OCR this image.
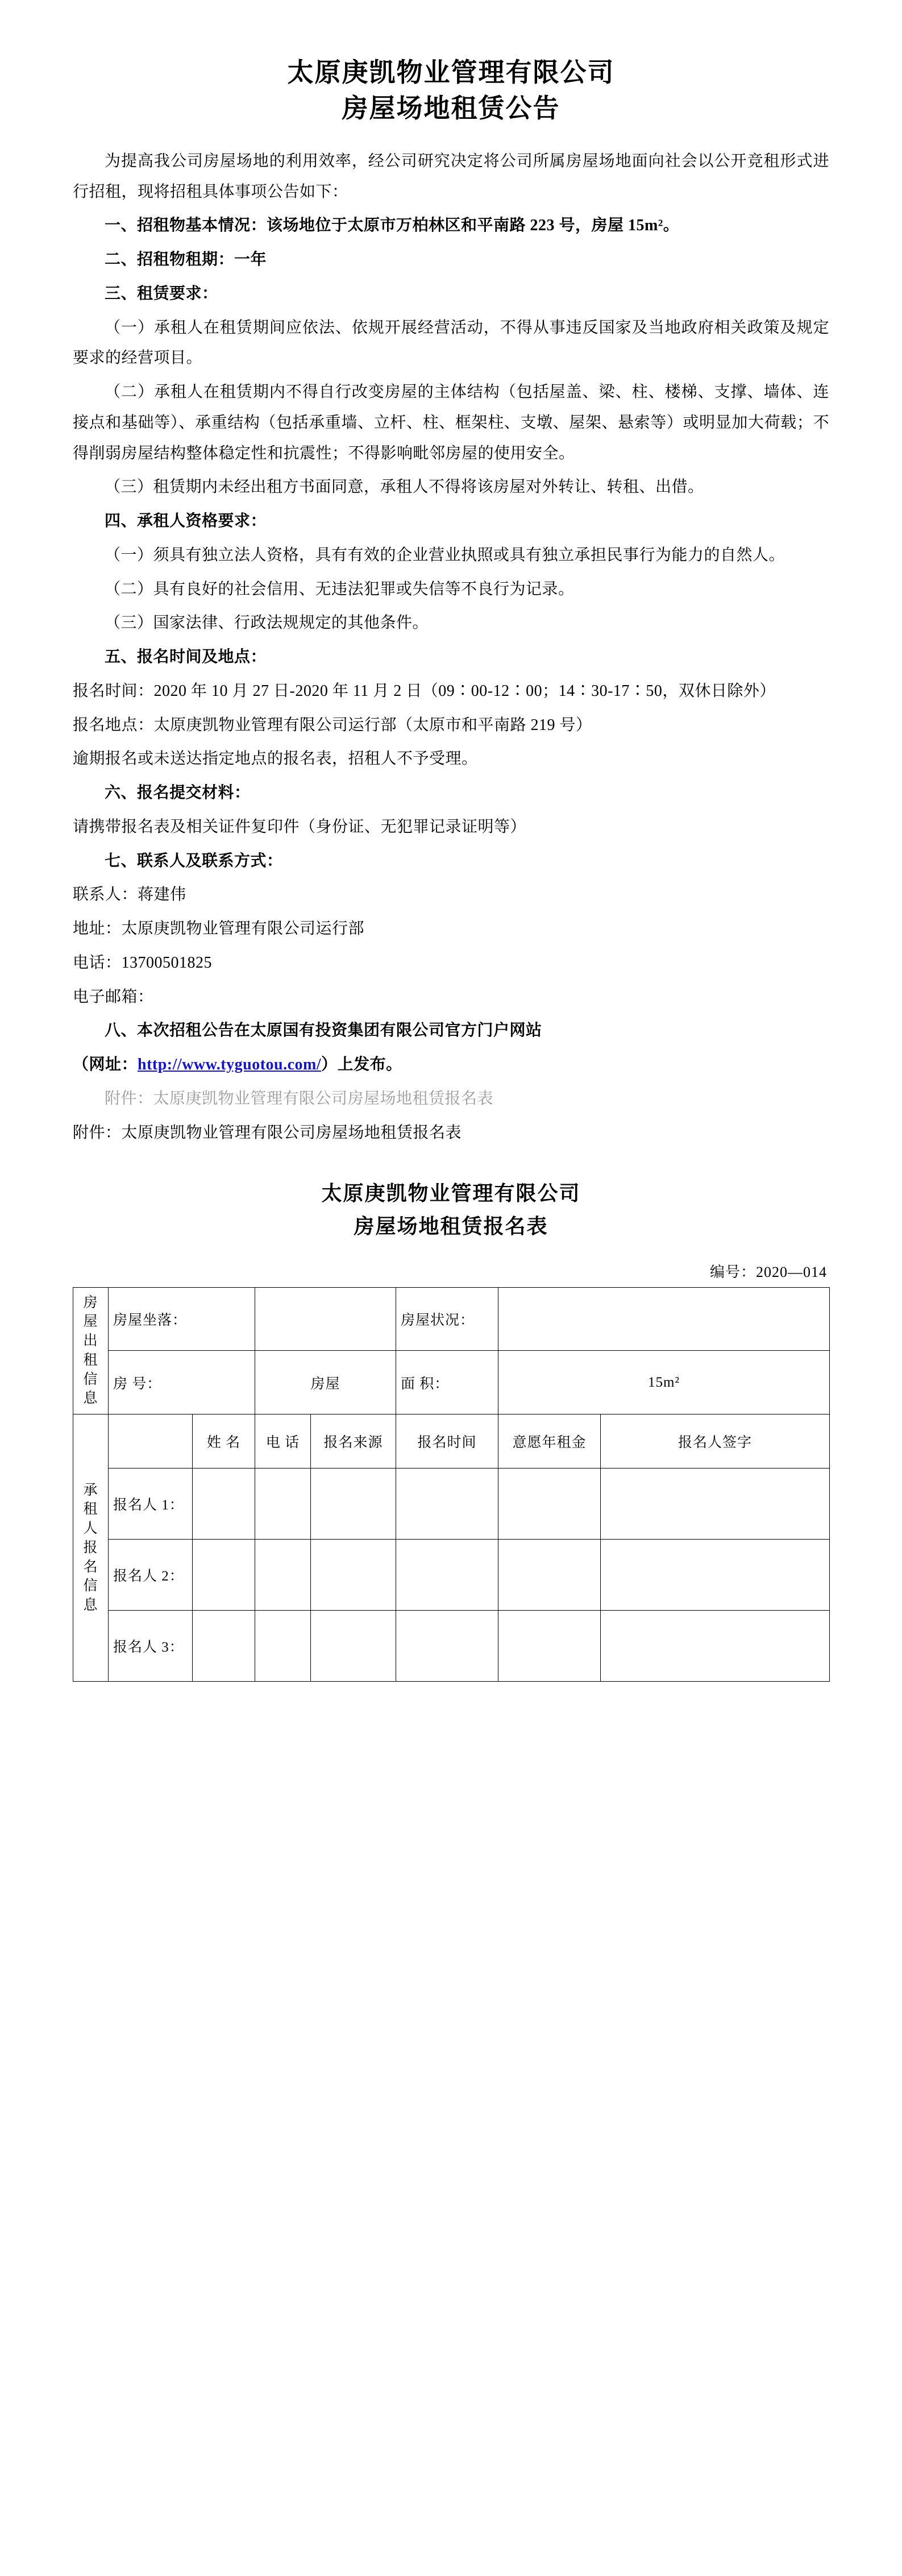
太原庚凯物业管理有限公司
房屋场地租赁公告

为提高我公司房屋场地的利用效率，经公司研究决定将公司所属房屋场地面向社会以公开竞租形式进行招租，现将招租具体事项公告如下：

一、招租物基本情况：该场地位于太原市万柏林区和平南路 223 号，房屋 15m²。

二、招租物租期：一年

三、租赁要求：

（一）承租人在租赁期间应依法、依规开展经营活动，不得从事违反国家及当地政府相关政策及规定要求的经营项目。

（二）承租人在租赁期内不得自行改变房屋的主体结构（包括屋盖、梁、柱、楼梯、支撑、墙体、连接点和基础等）、承重结构（包括承重墙、立杆、柱、框架柱、支墩、屋架、悬索等）或明显加大荷载；不得削弱房屋结构整体稳定性和抗震性；不得影响毗邻房屋的使用安全。

（三）租赁期内未经出租方书面同意，承租人不得将该房屋对外转让、转租、出借。

四、承租人资格要求：

（一）须具有独立法人资格，具有有效的企业营业执照或具有独立承担民事行为能力的自然人。

（二）具有良好的社会信用、无违法犯罪或失信等不良行为记录。

（三）国家法律、行政法规规定的其他条件。

五、报名时间及地点：

报名时间：2020 年 10 月 27 日-2020 年 11 月 2 日（09∶00-12∶00；14∶30-17∶50，双休日除外）

报名地点：太原庚凯物业管理有限公司运行部（太原市和平南路 219 号）

逾期报名或未送达指定地点的报名表，招租人不予受理。

六、报名提交材料：

请携带报名表及相关证件复印件（身份证、无犯罪记录证明等）

七、联系人及联系方式：

联系人：蒋建伟

地址：太原庚凯物业管理有限公司运行部

电话：13700501825

电子邮箱：

八、本次招租公告在太原国有投资集团有限公司官方门户网站

（网址：http://www.tyguotou.com/）上发布。

附件：太原庚凯物业管理有限公司房屋场地租赁报名表

附件：太原庚凯物业管理有限公司房屋场地租赁报名表

太原庚凯物业管理有限公司
房屋场地租赁报名表
编号：2020—014
房屋出租信息	房屋坐落：				房屋状况：		
	房 号：		房屋		面 积：	15m²	

承租人报名信息		姓 名	电 话	报名来源	报名时间	意愿年租金	报名人签字
	报名人 1：						
	报名人 2：						
	报名人 3：						
